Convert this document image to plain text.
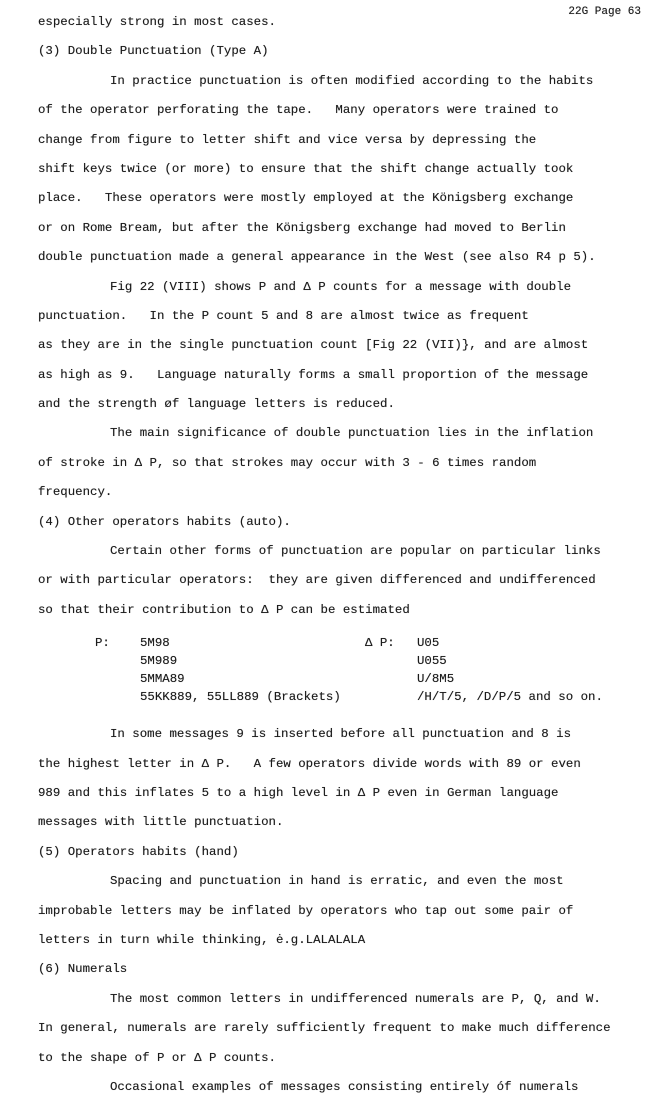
22G Page 63
especially strong in most cases.
(3) Double Punctuation (Type A)
In practice punctuation is often modified according to the habits
of the operator perforating the tape.   Many operators were trained to
change from figure to letter shift and vice versa by depressing the
shift keys twice (or more) to ensure that the shift change actually took
place.   These operators were mostly employed at the Königsberg exchange
or on Rome Bream, but after the Königsberg exchange had moved to Berlin
double punctuation made a general appearance in the West (see also R4 p 5).
Fig 22 (VIII) shows P and Δ P counts for a message with double
punctuation.   In the P count 5 and 8 are almost twice as frequent
as they are in the single punctuation count [Fig 22 (VII)}, and are almost
as high as 9.   Language naturally forms a small proportion of the message
and the strength øf language letters is reduced.
The main significance of double punctuation lies in the inflation
of stroke in Δ P, so that strokes may occur with 3 - 6 times random
frequency.
(4) Other operators habits (auto).
Certain other forms of punctuation are popular on particular links
or with particular operators:  they are given differenced and undifferenced
so that their contribution to Δ P can be estimated
P:	5M98	Δ P:	U05
5M989	U055
5MMA89	U/8M5
55KK889, 55LL889 (Brackets)	/H/T/5, /D/P/5 and so on.
In some messages 9 is inserted before all punctuation and 8 is
the highest letter in Δ P.   A few operators divide words with 89 or even
989 and this inflates 5 to a high level in Δ P even in German language
messages with little punctuation.
(5) Operators habits (hand)
Spacing and punctuation in hand is erratic, and even the most
improbable letters may be inflated by operators who tap out some pair of
letters in turn while thinking, ė.g.LALALALA
(6) Numerals
The most common letters in undifferenced numerals are P, Q, and W.
In general, numerals are rarely sufficiently frequent to make much difference
to the shape of P or Δ P counts.
Occasional examples of messages consisting entirely óf numerals
